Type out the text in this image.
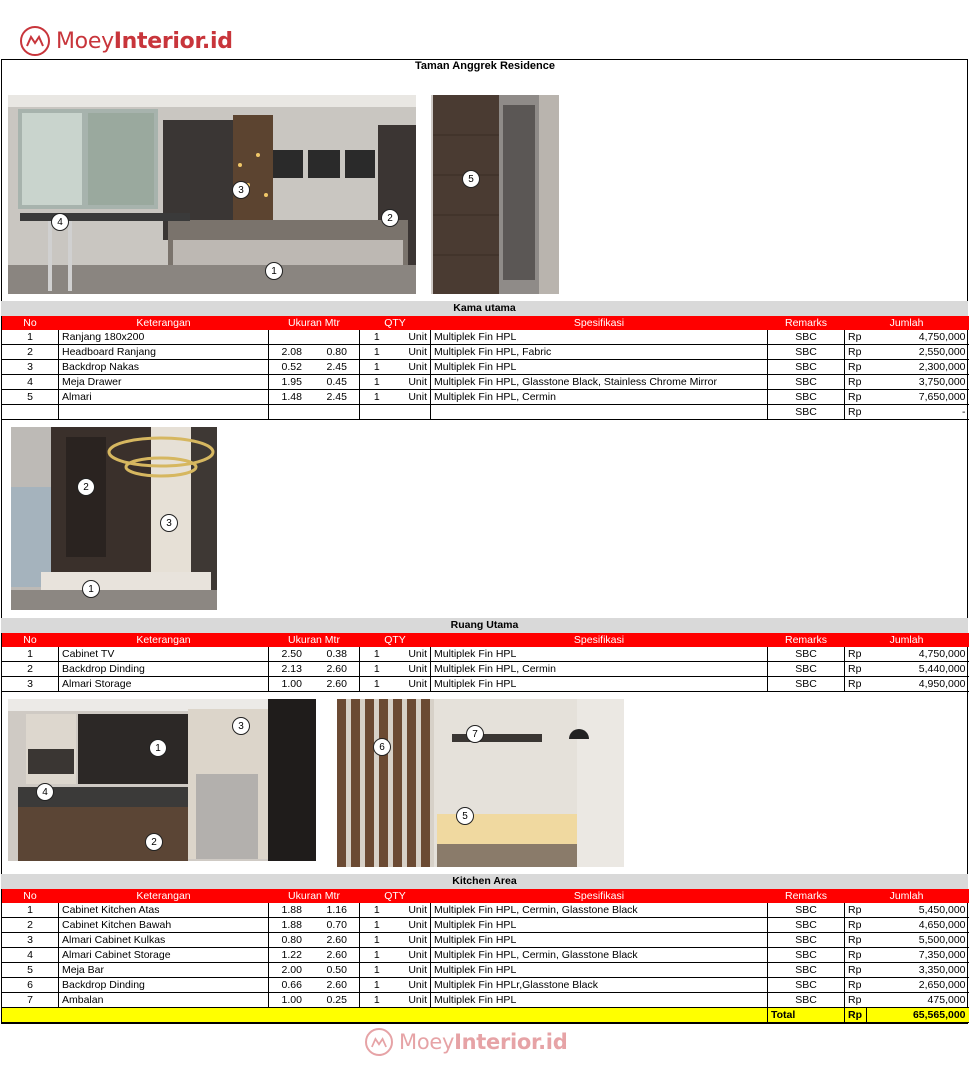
MoeyInterior.id
Taman Anggrek Residence
1
2
3
4
5
Kama utama
No	Keterangan	Ukuran Mtr		QTY		Spesifikasi	Remarks	Jumlah	
1	Ranjang 180x200			1	Unit	Multiplek Fin HPL	SBC	Rp	4,750,000
2	Headboard Ranjang	2.08	0.80	1	Unit	Multiplek Fin HPL, Fabric	SBC	Rp	2,550,000
3	Backdrop Nakas	0.52	2.45	1	Unit	Multiplek Fin HPL	SBC	Rp	2,300,000
4	Meja Drawer	1.95	0.45	1	Unit	Multiplek Fin HPL, Glasstone Black, Stainless Chrome Mirror	SBC	Rp	3,750,000
5	Almari	1.48	2.45	1	Unit	Multiplek Fin HPL, Cermin	SBC	Rp	7,650,000
							SBC	Rp	-
1
2
3
Ruang Utama
No	Keterangan	Ukuran Mtr		QTY		Spesifikasi	Remarks	Jumlah	
1	Cabinet TV	2.50	0.38	1	Unit	Multiplek Fin HPL	SBC	Rp	4,750,000
2	Backdrop Dinding	2.13	2.60	1	Unit	Multiplek Fin HPL, Cermin	SBC	Rp	5,440,000
3	Almari Storage	1.00	2.60	1	Unit	Multiplek Fin HPL	SBC	Rp	4,950,000
1
2
3
4
5
6
7
Kitchen Area
No	Keterangan	Ukuran Mtr		QTY		Spesifikasi	Remarks	Jumlah	
1	Cabinet Kitchen Atas	1.88	1.16	1	Unit	Multiplek Fin HPL, Cermin, Glasstone Black	SBC	Rp	5,450,000
2	Cabinet Kitchen Bawah	1.88	0.70	1	Unit	Multiplek Fin HPL	SBC	Rp	4,650,000
3	Almari Cabinet Kulkas	0.80	2.60	1	Unit	Multiplek Fin HPL	SBC	Rp	5,500,000
4	Almari Cabinet Storage	1.22	2.60	1	Unit	Multiplek Fin HPL, Cermin, Glasstone Black	SBC	Rp	7,350,000
5	Meja Bar	2.00	0.50	1	Unit	Multiplek Fin HPL	SBC	Rp	3,350,000
6	Backdrop Dinding	0.66	2.60	1	Unit	Multiplek Fin HPLr,Glasstone Black	SBC	Rp	2,650,000
7	Ambalan	1.00	0.25	1	Unit	Multiplek Fin HPL	SBC	Rp	475,000
							Total	Rp	65,565,000
MoeyInterior.id
